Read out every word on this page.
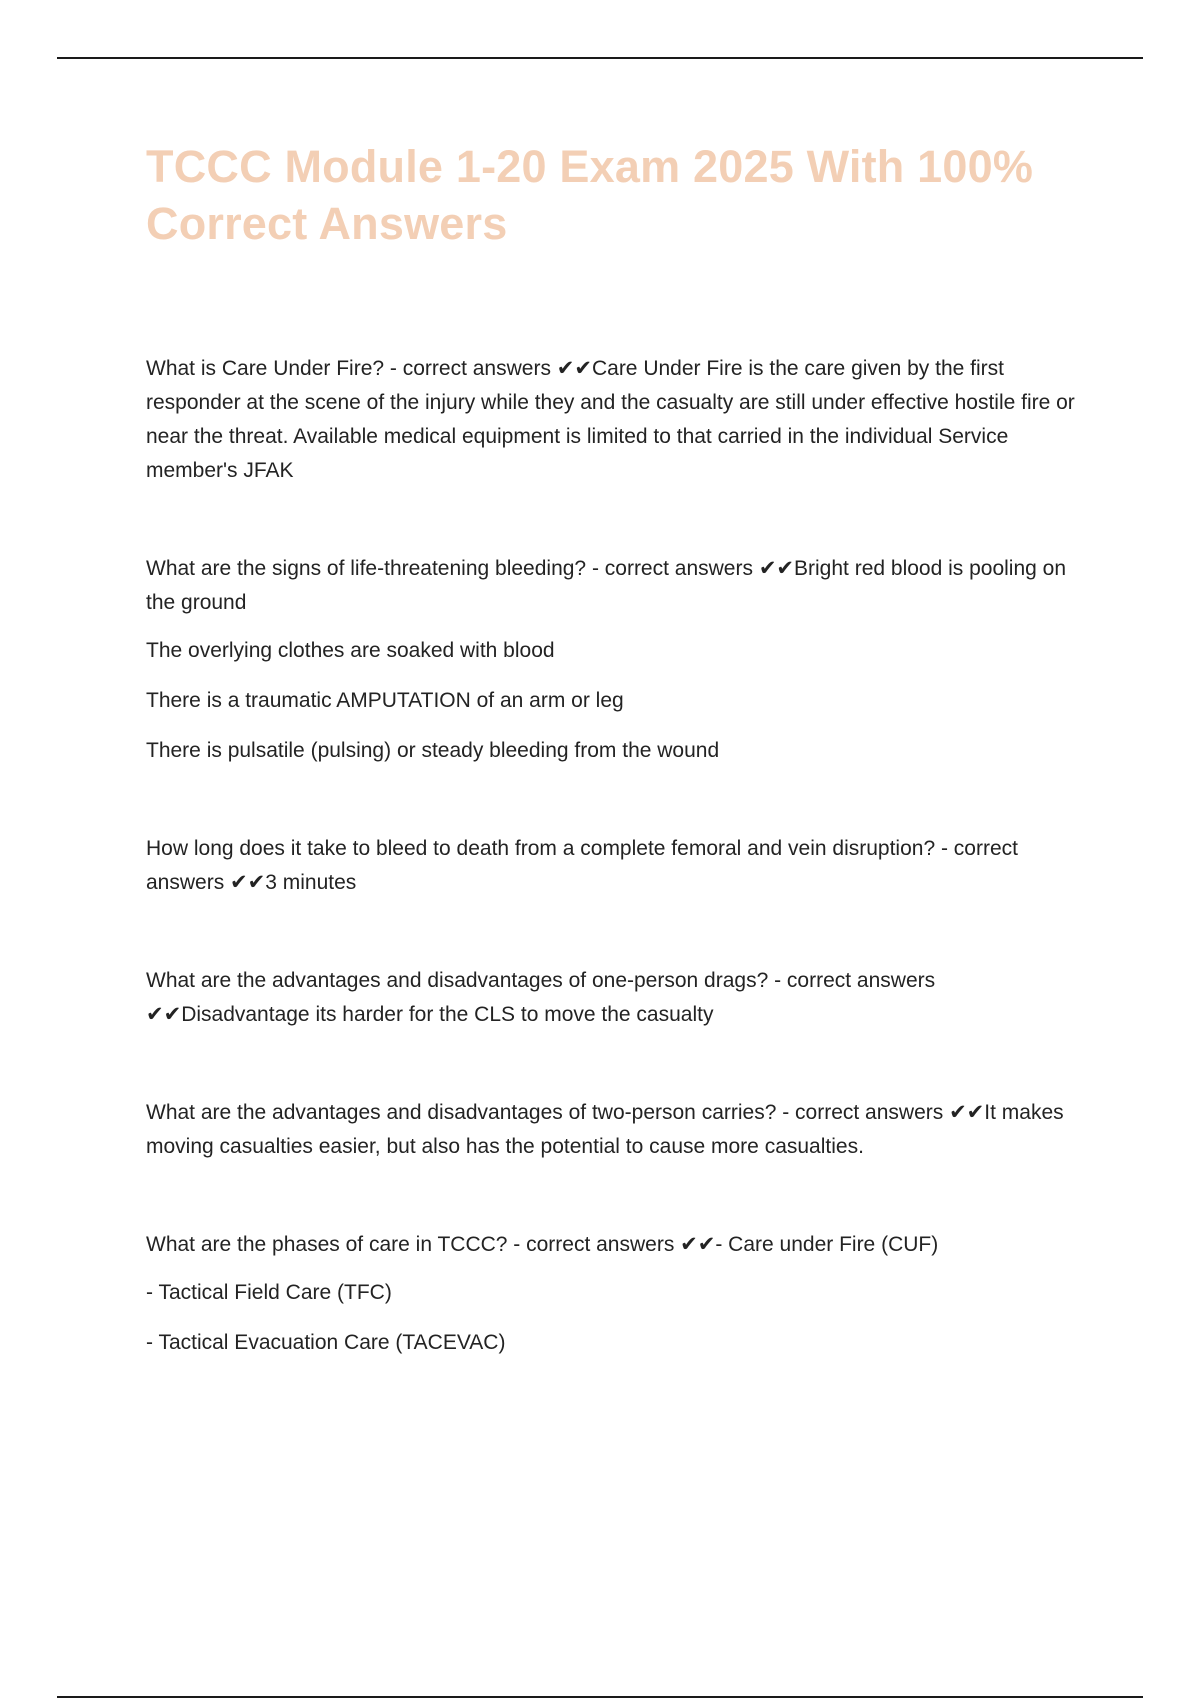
TCCC Module 1-20 Exam 2025 With 100% Correct Answers

What is Care Under Fire? - correct answers ✔✔Care Under Fire is the care given by the first responder at the scene of the injury while they and the casualty are still under effective hostile fire or near the threat. Available medical equipment is limited to that carried in the individual Service member's JFAK

What are the signs of life-threatening bleeding? - correct answers ✔✔Bright red blood is pooling on the ground

The overlying clothes are soaked with blood

There is a traumatic AMPUTATION of an arm or leg

There is pulsatile (pulsing) or steady bleeding from the wound

How long does it take to bleed to death from a complete femoral and vein disruption? - correct answers ✔✔3 minutes

What are the advantages and disadvantages of one-person drags? - correct answers ✔✔Disadvantage its harder for the CLS to move the casualty

What are the advantages and disadvantages of two-person carries? - correct answers ✔✔It makes moving casualties easier, but also has the potential to cause more casualties.

What are the phases of care in TCCC? - correct answers ✔✔- Care under Fire (CUF)

- Tactical Field Care (TFC)

- Tactical Evacuation Care (TACEVAC)
